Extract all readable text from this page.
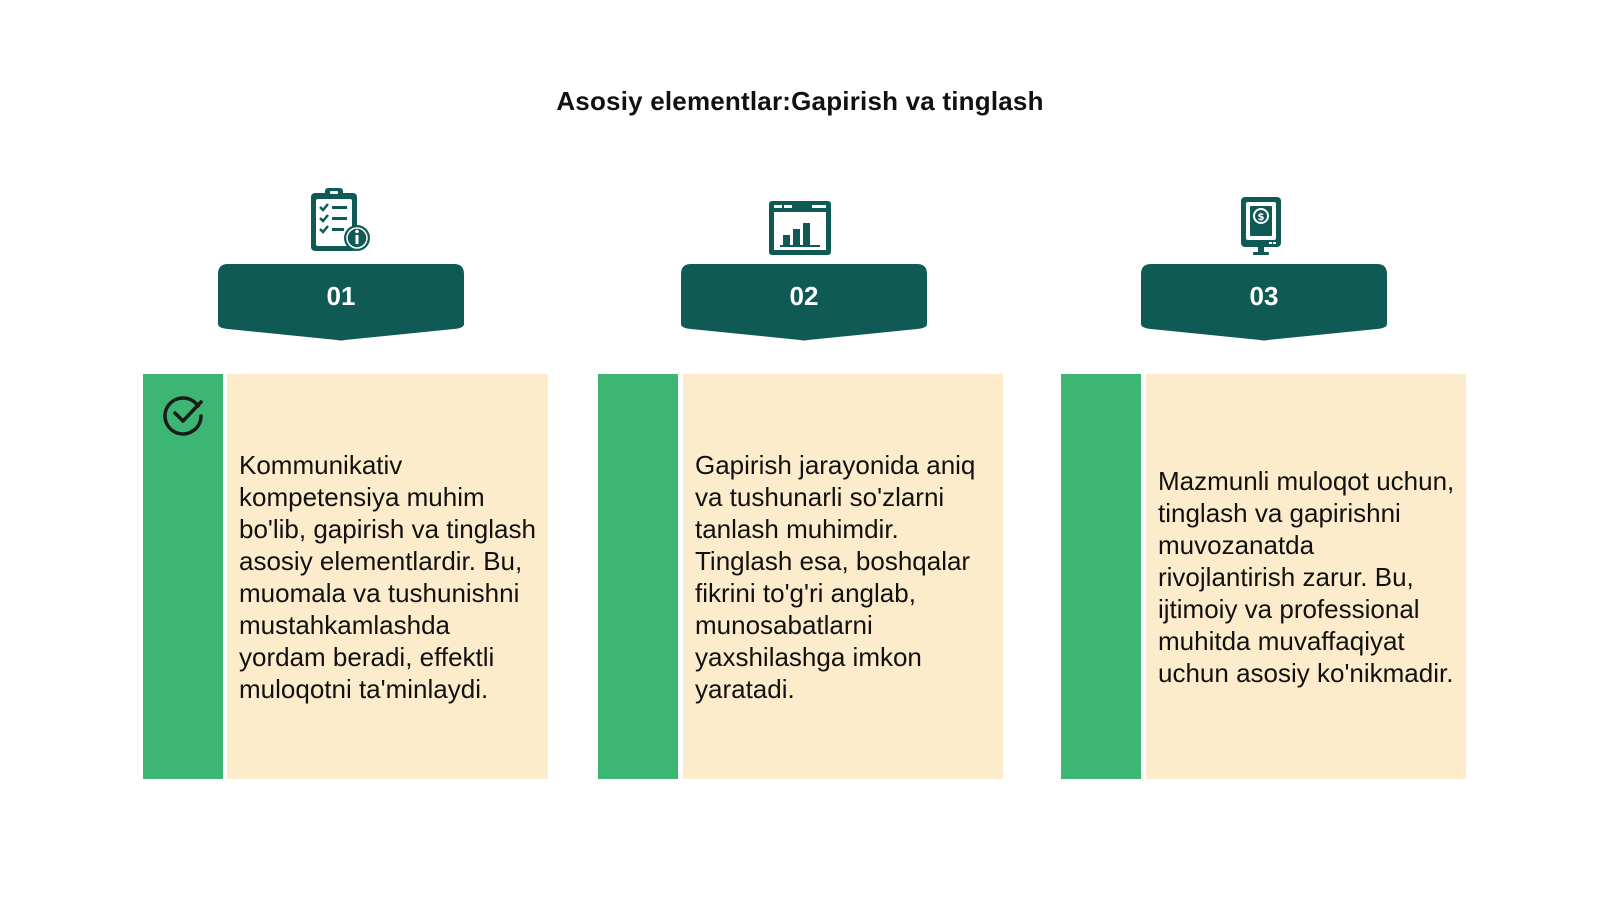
Asosiy elementlar:Gapirish va tinglash
01
Kommunikativ kompetensiya muhim bo'lib, gapirish va tinglash asosiy elementlardir. Bu, muomala va tushunishni mustahkamlashda yordam beradi, effektli muloqotni ta'minlaydi.
02
Gapirish jarayonida aniq va tushunarli so'zlarni tanlash muhimdir. Tinglash esa, boshqalar fikrini to'g'ri anglab, munosabatlarni yaxshilashga imkon yaratadi.
$
03
Mazmunli muloqot uchun, tinglash va gapirishni muvozanatda rivojlantirish zarur. Bu, ijtimoiy va professional muhitda muvaffaqiyat uchun asosiy ko'nikmadir.
